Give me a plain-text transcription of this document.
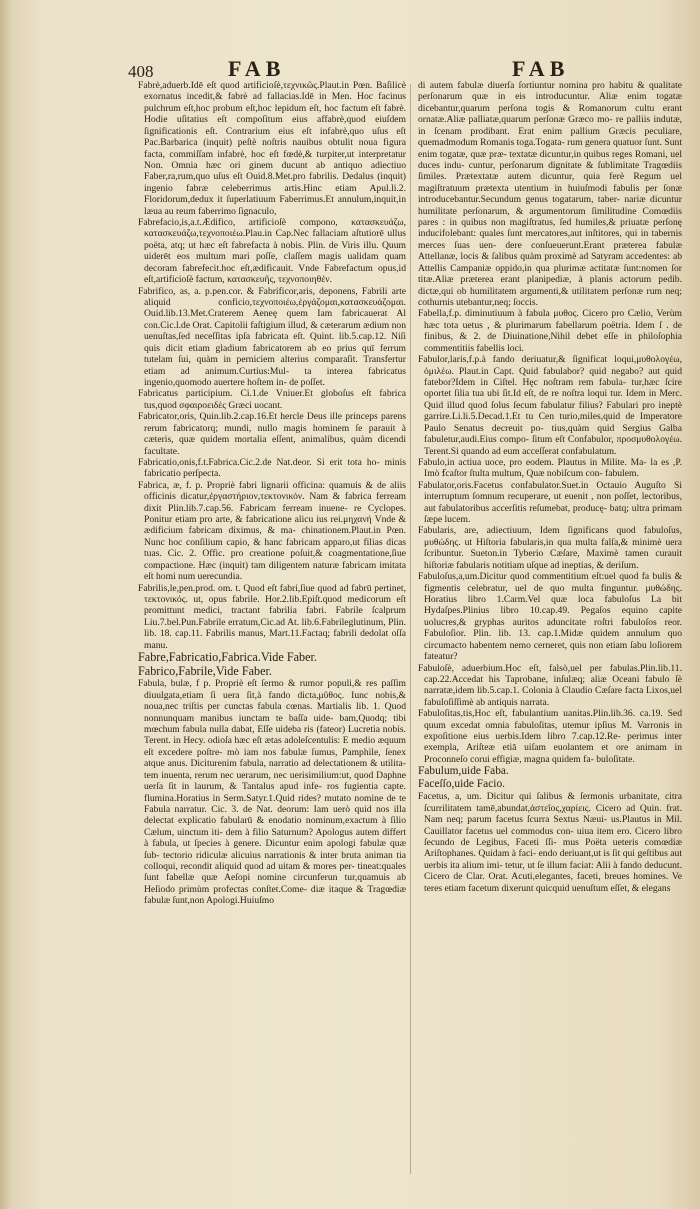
408	FAB	FAB

Fabrè,aduerb.Idē eſt quod artificioſè,τεχνικῶς.Plaut.in Pœn. Baſilicè exornatus incedit,& fabrè ad fallacias.Idē in Men. Hoc facinus pulchrum eſt,hoc probum eſt,hoc lepidum eſt, hoc factum eſt fabrè. Hodie uſitatius eſt compoſitum eius affabrè,quod eiuſdem ſignificationis eſt. Contrarium eius eſt infabrè,quo uſus eſt Pac.Barbarica (inquit) peſtè noſtris nauibus obtulit noua figura facta, commiſſam infabrè, hoc eſt fœdè,& turpiter,ut interpretatur Non. Omnia hæc ori ginem ducunt ab antiquo adiectiuo Faber,ra,rum,quo uſus eſt Ouid.8.Met.pro fabrilis. Dedalus (inquit) ingenio fabræ celeberrimus artis.Hinc etiam Apul.li.2. Floridorum,dedux it ſuperlatiuum Faberrimus.Et annulum,inquit,in læua au reum faberrimo ſignaculo,

Fabrefacio,is,a.t.Ædifico, artificioſè compono, κατασκευάζω, κατασκευάζω,τεχνοποιέω.Plau.in Cap.Nec fallaciam aſtutiorē ullus poëta, atq; ut hæc eſt fabrefacta à nobis. Plin. de Viris illu. Quum uiderēt eos multum mari poſſe, claſſem magis ualidam quam decoram fabrefecit.hoc eſt,ædificauit. Vnde Fabrefactum opus,id eſt,artificioſè factum, κατασκευῆς, τεχνοποιηθέν.

Fabrifico, as, a. p.pen.cor. & Fabrificor,aris, deponens, Fabrili arte aliquid conficio,τεχνοποιέω,ἐργάζομαι,κατασκευάζομαι. Ouid.lib.13.Met.Craterem Aeneę quem Iam fabricauerat Al con.Cic.l.de Orat. Capitolii faſtigium illud, & cæterarum ædium non uenuſtas,ſed neceſſitas ipſa fabricata eſt. Quint. lib.5.cap.12. Niſi quis dicit etiam gladium fabricatorem ab eo prius quī ferrum tutelam ſui, quàm in perniciem alterius comparaſit. Transfertur etiam ad animum.Curtius:Mul- ta interea fabricatus ingenio,quomodo auertere hoſtem in- de poſſet.

Fabricatus participium. Ci.1.de Vniuer.Et globoſus eſt fabrica tus,quod σφαιροειδὲς Græci uocant.

Fabricator,oris, Quin.lib.2.cap.16.Et hercle Deus ille princeps parens rerum fabricatorq; mundi, nullo magis hominem ſe parauit à cæteris, quæ quidem mortalia eſſent, animalibus, quàm dicendi facultate.

Fabricatio,onis,f.t.Fabrica.Cic.2.de Nat.deor. Si erit tota ho- minis fabricatio perſpecta.

Fabrica, æ, f. p. Propriè fabri lignarii officina: quamuis & de aliis officinis dicatur,ἐργαστήριον,τεκτονικόν. Nam & fabrica ferream dixit Plin.lib.7.cap.56. Fabricam ferream inuene- re Cyclopes. Ponitur etiam pro arte, & fabricatione alicu ius rei.μηχανή Vnde & ædificium fabricam diximus, & ma- chinationem.Plaut.in Pœn. Nunc hoc conſilium capio, & hanc fabricam apparo,ut filias dicas tuas. Cic. 2. Offic. pro creatione poſuit,& coagmentatione,ſiue compactione. Hæc (inquit) tam diligentem naturæ fabricam imitata eſt homi num uerecundia.

Fabrilis,le,pen.prod. om. t. Quod eſt fabri,ſiue quod ad fabrū pertinet, τεκτονικός. ut, opus fabrile. Hor.2.lib.Epiſt.quod medicorum eſt promittunt medici, tractant fabrilia fabri. Fabrile ſcalprum Liu.7.bel.Pun.Fabrile erratum,Cic.ad At. lib.6.Fabrileglutinum, Plin. lib. 18. cap.11. Fabrilis manus, Mart.11.Factaq; fabrili dedolat oſſa manu.

Fabre,Fabricatio,Fabrica.Vide Faber.

Fabrico,Fabrile,Vide Faber.

Fabula, bulæ, f p. Propriè eſt ſermo & rumor populi,& res paſſim diuulgata,etiam ſi uera ſit,à fando dicta,μῦθος. Iunc nobis,& noua,nec triſtis per cunctas fabula cœnas. Martialis lib. 1. Quod nonnunquam manibus iunctam te baſſa uide- bam,Quodq; tibi mœchum fabula nulla dabat, Eſſe uideba ris (fateor) Lucretia nobis. Terent. in Hecy. odioſa hæc eſt ætas adoleſcentulis: E medio æquum eſt excedere poſtre- mò iam nos fabulæ ſumus, Pamphile, ſenex atque anus. Diciturenim fabula, narratio ad delectationem & utilita- tem inuenta, rerum nec uerarum, nec uerisimilium:ut, quod Daphne uerſa ſit in laurum, & Tantalus apud infe- ros fugientia capte. flumina.Horatius in Serm.Satyr.1.Quid rides? mutato nomine de te Fabula narratur. Cic. 3. de Nat. deorum: Iam uerò quid nos illa delectat explicatio fabularū & enodatio nominum,exactum à ſilio Cælum, uinctum iti- dem à filio Saturnum? Apologus autem differt à fabula, ut ſpecies à genere. Dicuntur enim apologi fabulæ quæ ſub- tectorio ridiculæ alicuius narrationis & inter bruta animan tia colloqui, recondit aliquid quod ad uitam & mores per- tineat:quales ſunt fabellæ quæ Aeſopi nomine circunferun tur,quamuis ab Heſiodo primùm profectas conſtet.Come- diæ itaque & Tragœdiæ fabulæ ſunt,non Apologi.Huiuſmo

di autem fabulæ diuerſa ſortiuntur nomina pro habitu & qualitate perſonarum quæ in eis introducuntur. Aliæ enim togatæ dicebantur,quarum perſona togis & Romanorum cultu erant ornatæ.Aliæ palliatæ,quarum perſonæ Græco mo- re palliis indutæ, in ſcenam prodibant. Erat enim pallium Græcis peculiare, quemadmodum Romanis toga.Togata- rum genera quatuor ſunt. Sunt enim togatæ, quæ præ- textatæ dicuntur,in quibus reges Romani, uel duces indu- cuntur, perſonarum dignitate & ſublimitate Tragœdiis ſimiles. Prætextatæ autem dicuntur, quia ferè Regum uel magiſtratuum prætexta utentium in huiuſmodi fabulis per ſonæ introducebantur.Secundum genus togatarum, taber- nariæ dicuntur humilitate perſonarum, & argumentorum ſimilitudine Comœdiis pares : in quibus non magiſtratus, ſed humiles,& priuatæ perſonę inducifolebant: quales ſunt mercatores,aut inſtitores, qui in tabernis merces ſuas uen- dere conſueuerunt.Erant præterea fabulæ Attellanæ, locis & ſalibus quàm proximè ad Satyram accedentes: ab Attellis Campaniæ oppido,in qua plurimæ actitatæ ſunt:nomen ſor titæ.Aliæ præterea erant planipediæ, à planis actorum pedib. dictæ,qui ob humilitatem argumenti,& utilitatem perſonæ rum neq; cothurnis utebantur,neq; ſoccis.

Fabella,f.p. diminutiuum à fabula μυθος. Cicero pro Cælio, Verùm hæc tota uetus , & plurimarum fabellarum poëtria. Idem ſ . de finibus, & 2. de Diuinatione,Nihil debet eſſe in philoſophia commentitiis fabellis loci.

Fabulor,laris,f.p.à fando deriuatur,& ſignificat loqui,μυθολογέω, ὁμιλέω. Plaut.in Capt. Quid fabulabor? quid negabo? aut quid fatebor?Idem in Ciſtel. Hęc noſtram rem fabula- tur,hæc ſcire oportet ſilia tua ubi ſit.Id eſt, de re noſtra loqui tur. Idem in Merc. Quid illud quod ſolus ſecum fabulatur filius? Fabulari pro ineptè garrire.Li.li.5.Decad.1.Et tu Cen turio,miles,quid de Imperatore Paulo Senatus decreuit po- tius,quàm quid Sergius Galba fabuletur,audi.Eius compo- ſitum eſt Confabulor, προσμυθολογέω. Terent.Si quando ad eum acceſſerat confabulatum.

Fabulo,in actiua uoce, pro eodem. Plautus in Milite. Ma- la es ,P. Imò ẜcaſtor ſtulta multum, Quæ nobiſcum con- fabulem.

Fabulator,oris.Facetus confabulator.Suet.in Octauio Auguſto Si interruptum ſomnum recuperare, ut euenit , non poſſet, lectoribus, aut fabulatoribus accerſitis reſumebat, producę- batq; ultra primam ſæpe lucem.

Fabularis, are, adiectiuum, Idem ſignificans quod fabuloſus, μυθώδης. ut Hiſtoria fabularis,in qua multa falſa,& minimè uera ſcribuntur. Sueton.in Tyberio Cæſare, Maximè tamen curauit hiſtoriæ fabularis notitiam uſque ad ineptias, & deriſum.

Fabuloſus,a,um.Dicitur quod commentitium eſt:uel quod fa bulis & figmentis celebratur, uel de quo multa finguntur. μυθώδης. Horatius libro 1.Carm.Vel quæ loca fabuloſus La bit Hydaſpes.Plinius libro 10.cap.49. Pegaſos equino capite uolucres,& gryphas auritos aduncitate roſtri fabuloſos reor. Fabuloſior. Plin. lib. 13. cap.1.Midæ quidem annulum quo circumacto habentem nemo cerneret, quis non etiam ſabu loſiorem fateatur?

Fabuloſè, aduerbium.Hoc eſt, falsò,uel per fabulas.Plin.lib.11. cap.22.Accedat his Taprobane, inſulæq; aliæ Oceani fabulo ſè narratæ,idem lib.5.cap.1. Colonia à Claudio Cæſare facta Lixos,uel fabuloſiſſimè ab antiquis narrata.

Fabuloſitas,tis,Hoc eſt, fabulantium uanitas.Plin.lib.36. ca.19. Sed quum excedat omnia fabuloſitas, utemur ipſius M. Varronis in expoſitione eius uerbis.Idem libro 7.cap.12.Re- perimus inter exempla, Ariſteæ etiā uiſam euolantem et ore animam in Proconneſo corui effigiæ, magna quidem fa- buloſitate.

Fabulum,uide Faba.

Faceſſo,uide Facio.

Facetus, a, um. Dicitur qui ſalibus & ſermonis urbanitate, citra ſcurrilitatem tamē,abundat,ἀστεῖος,χαρίεις. Cicero ad Quin. frat. Nam neq; parum facetus ſcurra Sextus Næui- us.Plautus in Mil. Cauillator facetus uel commodus con- uiua item ero. Cicero libro ſecundo de Legibus, Faceti ſſi- mus Poëta ueteris comœdiæ Ariſtophanes. Quidam à faci- endo deriuant,ut is ſit qui geſtibus aut uerbis ita alium imi- tetur, ut ſe illum faciat: Alii à fando deducunt. Cicero de Clar. Orat. Acuti,elegantes, faceti, breues homines. Ve teres etiam facetum dixerunt quicquid uenuſtum eſſet, & elegans
